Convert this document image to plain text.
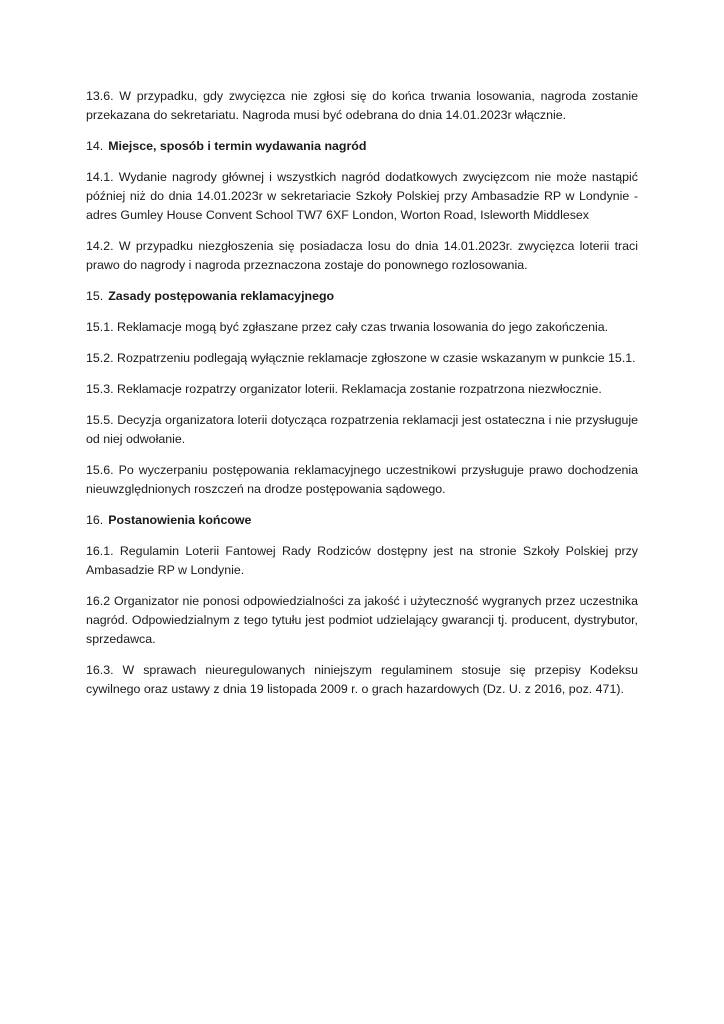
13.6. W przypadku, gdy zwycięzca nie zgłosi się do końca trwania losowania, nagroda zostanie przekazana do sekretariatu. Nagroda musi być odebrana do dnia 14.01.2023r włącznie.

14. Miejsce, sposób i termin wydawania nagród

14.1. Wydanie nagrody głównej i wszystkich nagród dodatkowych zwycięzcom nie może nastąpić później niż do dnia 14.01.2023r w sekretariacie Szkoły Polskiej przy Ambasadzie RP w Londynie - adres Gumley House Convent School TW7 6XF London, Worton Road, Isleworth Middlesex

14.2. W przypadku niezgłoszenia się posiadacza losu do dnia 14.01.2023r. zwycięzca loterii traci prawo do nagrody i nagroda przeznaczona zostaje do ponownego rozlosowania.

15. Zasady postępowania reklamacyjnego

15.1. Reklamacje mogą być zgłaszane przez cały czas trwania losowania do jego zakończenia.

15.2. Rozpatrzeniu podlegają wyłącznie reklamacje zgłoszone w czasie wskazanym w punkcie 15.1.

15.3. Reklamacje rozpatrzy organizator loterii. Reklamacja zostanie rozpatrzona niezwłocznie.

15.5. Decyzja organizatora loterii dotycząca rozpatrzenia reklamacji jest ostateczna i nie przysługuje od niej odwołanie.

15.6. Po wyczerpaniu postępowania reklamacyjnego uczestnikowi przysługuje prawo dochodzenia nieuwzględnionych roszczeń na drodze postępowania sądowego.

16. Postanowienia końcowe

16.1. Regulamin Loterii Fantowej Rady Rodziców dostępny jest na stronie Szkoły Polskiej przy Ambasadzie RP w Londynie.

16.2 Organizator nie ponosi odpowiedzialności za jakość i użyteczność wygranych przez uczestnika nagród. Odpowiedzialnym z tego tytułu jest podmiot udzielający gwarancji tj. producent, dystrybutor, sprzedawca.

16.3. W sprawach nieuregulowanych niniejszym regulaminem stosuje się przepisy Kodeksu cywilnego oraz ustawy z dnia 19 listopada 2009 r. o grach hazardowych (Dz. U. z 2016, poz. 471).
